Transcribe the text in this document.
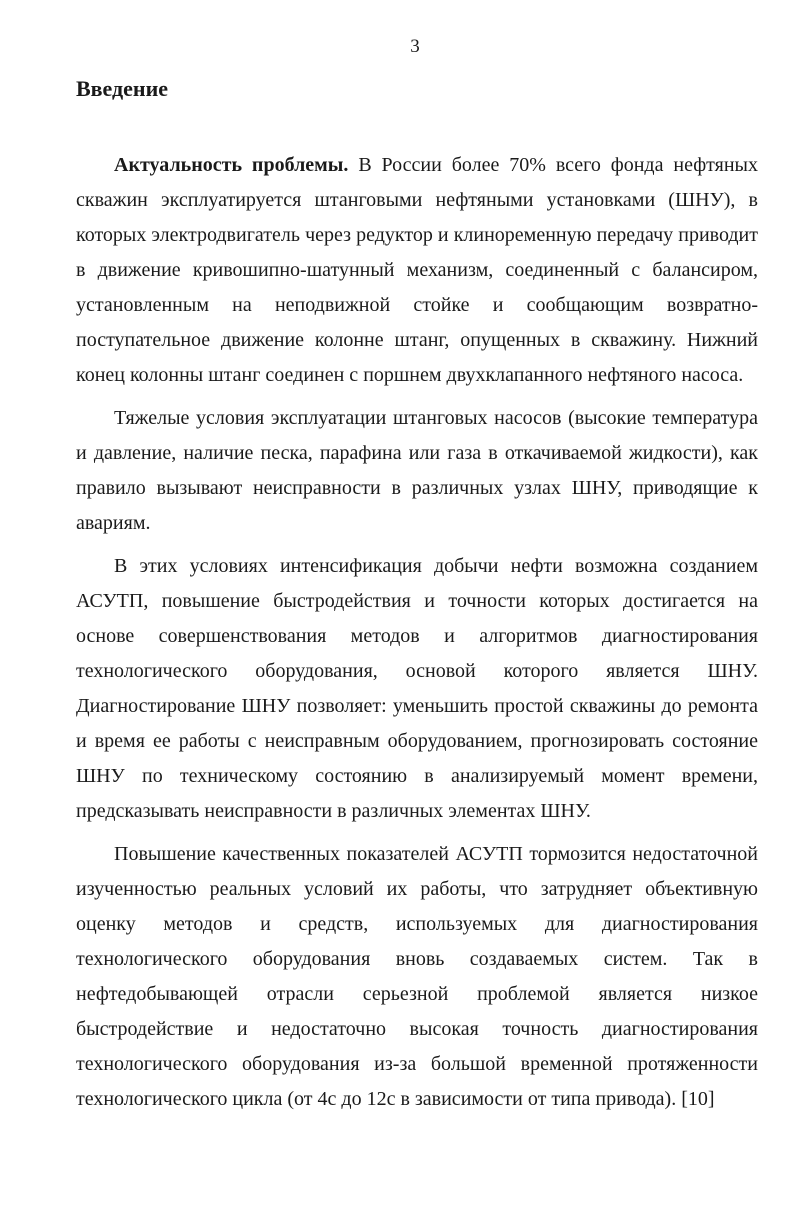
3
Введение

Актуальность проблемы. В России более 70% всего фонда нефтяных скважин эксплуатируется штанговыми нефтяными установками (ШНУ), в которых электродвигатель через редуктор и клиноременную передачу приводит в движение кривошипно-шатунный механизм, соединенный с балансиром, установленным на неподвижной стойке и сообщающим возвратно-поступательное движение колонне штанг, опущенных в скважину. Нижний конец колонны штанг соединен с поршнем двухклапанного нефтяного насоса.

Тяжелые условия эксплуатации штанговых насосов (высокие температура и давление, наличие песка, парафина или газа в откачиваемой жидкости), как правило вызывают неисправности в различных узлах ШНУ, приводящие к авариям.

В этих условиях интенсификация добычи нефти возможна созданием АСУТП, повышение быстродействия и точности которых достигается на основе совершенствования методов и алгоритмов диагностирования технологического оборудования, основой которого является ШНУ. Диагностирование ШНУ позволяет: уменьшить простой скважины до ремонта и время ее работы с неисправным оборудованием, прогнозировать состояние ШНУ по техническому состоянию в анализируемый момент времени, предсказывать неисправности в различных элементах ШНУ.

Повышение качественных показателей АСУТП тормозится недостаточной изученностью реальных условий их работы, что затрудняет объективную оценку методов и средств, используемых для диагностирования технологического оборудования вновь создаваемых систем. Так в нефтедобывающей отрасли серьезной проблемой является низкое быстродействие и недостаточно высокая точность диагностирования технологического оборудования из-за большой временной протяженности технологического цикла (от 4с до 12с в зависимости от типа привода). [10]
